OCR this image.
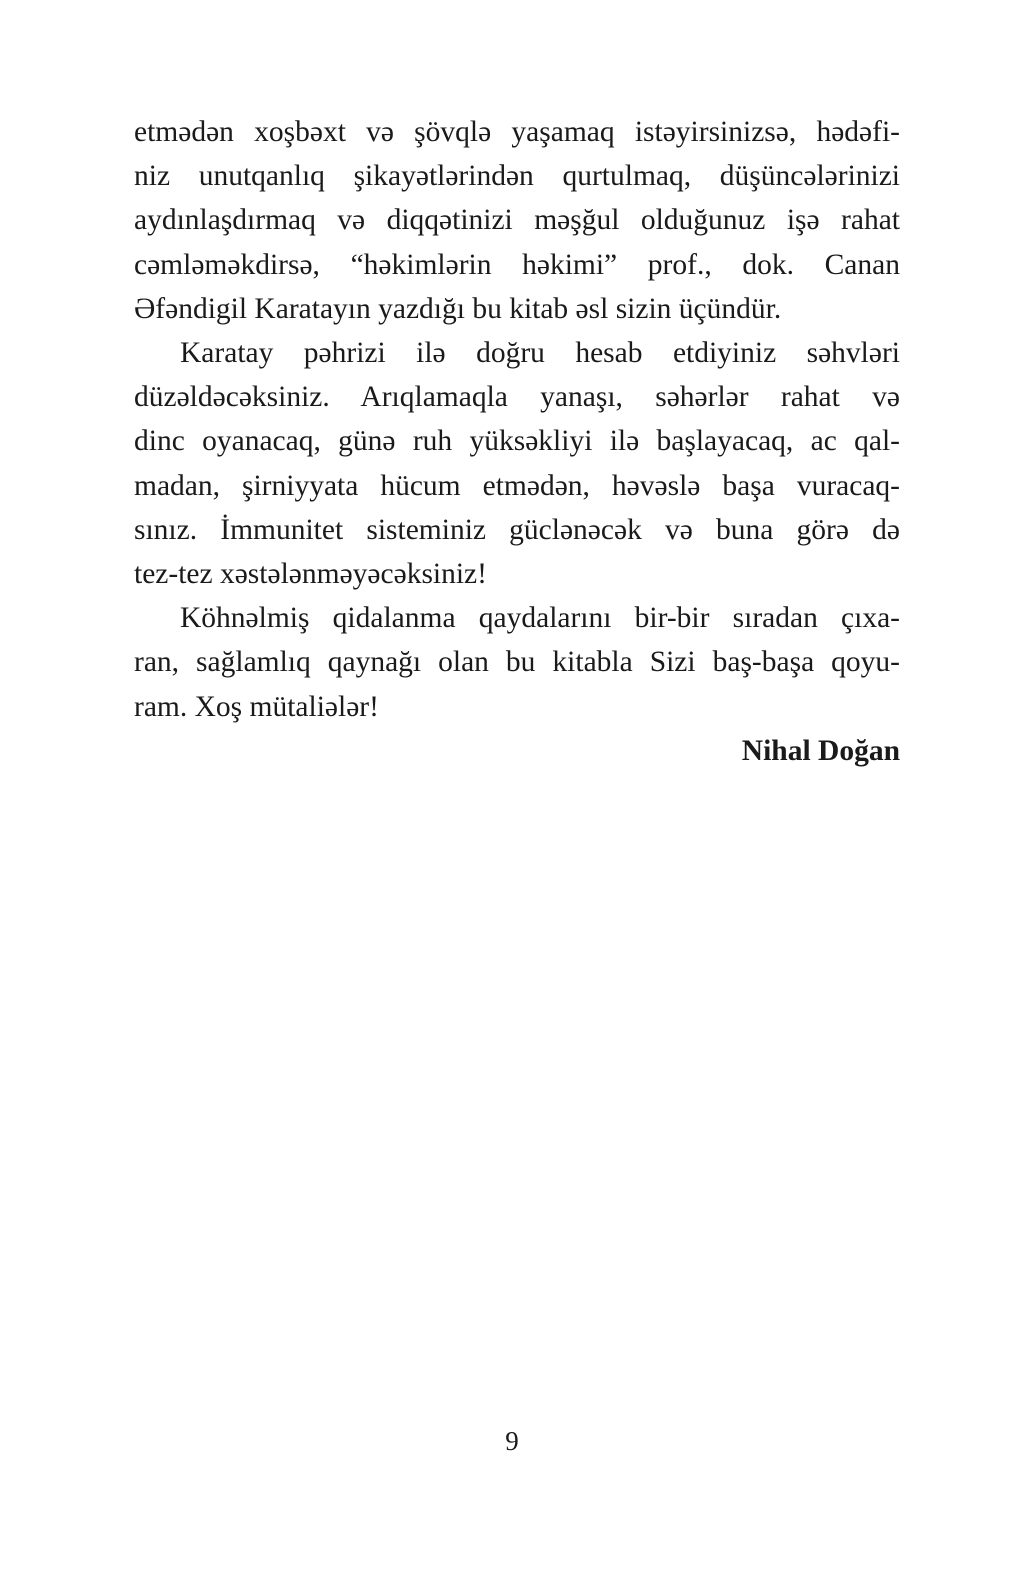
etmədən xoşbəxt və şövqlə yaşamaq istəyirsinizsə, hədəfi-
niz unutqanlıq şikayətlərindən qurtulmaq, düşüncələrinizi
aydınlaşdırmaq və diqqətinizi məşğul olduğunuz işə rahat
cəmləməkdirsə, “həkimlərin həkimi” prof., dok. Canan
Əfəndigil Karatayın yazdığı bu kitab əsl sizin üçündür.
Karatay pəhrizi ilə doğru hesab etdiyiniz səhvləri
düzəldəcəksiniz. Arıqlamaqla yanaşı, səhərlər rahat və
dinc oyanacaq, günə ruh yüksəkliyi ilə başlayacaq, ac qal-
madan, şirniyyata hücum etmədən, həvəslə başa vuracaq-
sınız. İmmunitet sisteminiz güclənəcək və buna görə də
tez-tez xəstələnməyəcəksiniz!
Köhnəlmiş qidalanma qaydalarını bir-bir sıradan çıxa-
ran, sağlamlıq qaynağı olan bu kitabla Sizi baş-başa qoyu-
ram. Xoş mütaliələr!
Nihal Doğan
9
